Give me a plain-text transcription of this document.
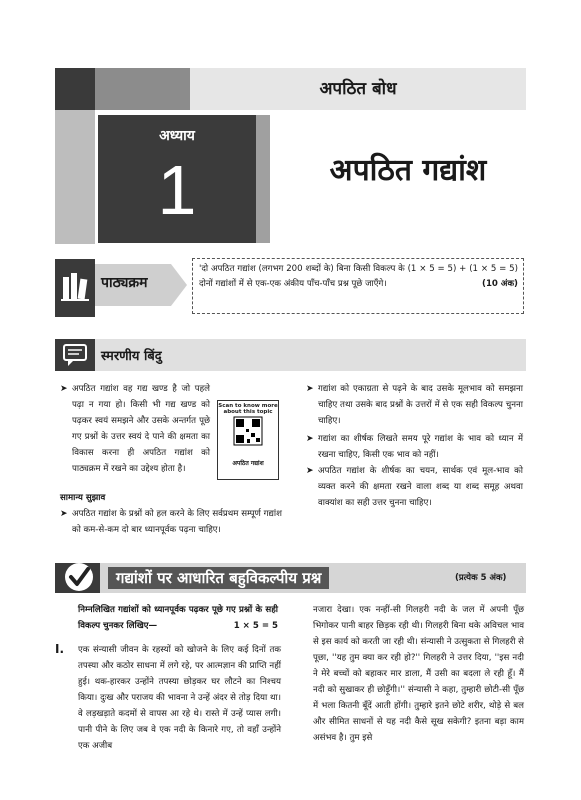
अपठित बोध
अध्याय
1	अपठित गद्यांश
पाठ्यक्रम
'दो अपठित गद्यांश (लगभग 200 शब्दों के) बिना किसी विकल्प के (1 × 5 = 5) + (1 × 5 = 5) दोनों गद्यांशों में से एक-एक अंकीय पाँच-पाँच प्रश्न पूछे जाएँगे।	(10 अंक)
स्मरणीय बिंदु
➤ अपठित गद्यांश वह गद्य खण्ड है जो पहले पढ़ा न गया हो। किसी भी गद्य खण्ड को पढ़कर स्वयं समझने और उसके अन्तर्गत पूछे गए प्रश्नों के उत्तर स्वयं दे पाने की क्षमता का विकास करना ही अपठित गद्यांश को पाठ्यक्रम में रखने का उद्देश्य होता है।
Scan to know more about this topic
अपठित गद्यांश
सामान्य सुझाव
➤ अपठित गद्यांश के प्रश्नों को हल करने के लिए सर्वप्रथम सम्पूर्ण गद्यांश को कम-से-कम दो बार ध्यानपूर्वक पढ़ना चाहिए।
➤ गद्यांश को एकाग्रता से पढ़ने के बाद उसके मूलभाव को समझना चाहिए तथा उसके बाद प्रश्नों के उत्तरों में से एक सही विकल्प चुनना चाहिए।
➤ गद्यांश का शीर्षक लिखते समय पूरे गद्यांश के भाव को ध्यान में रखना चाहिए, किसी एक भाव को नहीं।
➤ अपठित गद्यांश के शीर्षक का चयन, सार्थक एवं मूल-भाव को व्यक्त करने की क्षमता रखने वाला शब्द या शब्द समूह अथवा वाक्यांश का सही उत्तर चुनना चाहिए।
गद्यांशों पर आधारित बहुविकल्पीय प्रश्न	(प्रत्येक 5 अंक)
निम्नलिखित गद्यांशों को ध्यानपूर्वक पढ़कर पूछे गए प्रश्नों के सही विकल्प चुनकर लिखिए—	1 × 5 = 5
I. एक संन्यासी जीवन के रहस्यों को खोजने के लिए कई दिनों तक तपस्या और कठोर साधना में लगे रहे, पर आत्मज्ञान की प्राप्ति नहीं हुई। थक-हारकर उन्होंने तपस्या छोड़कर घर लौटने का निश्चय किया। दुःख और पराजय की भावना ने उन्हें अंदर से तोड़ दिया था। वे लड़खड़ाते कदमों से वापस आ रहे थे। रास्ते में उन्हें प्यास लगी। पानी पीने के लिए जब वे एक नदी के किनारे गए, तो वहाँ उन्होंने एक अजीब
नजारा देखा। एक नन्हीं-सी गिलहरी नदी के जल में अपनी पूँछ भिगोकर पानी बाहर छिड़क रही थी। गिलहरी बिना थके अविचल भाव से इस कार्य को करती जा रही थी। संन्यासी ने उत्सुकता से गिलहरी से पूछा, ''यह तुम क्या कर रही हो?'' गिलहरी ने उत्तर दिया, ''इस नदी ने मेरे बच्चों को बहाकर मार डाला, मैं उसी का बदला ले रही हूँ। मैं नदी को सुखाकर ही छोड़ूँगी।'' संन्यासी ने कहा, तुम्हारी छोटी-सी पूँछ में भला कितनी बूँदें आती होंगी। तुम्हारे इतने छोटे शरीर, थोड़े से बल और सीमित साधनों से यह नदी कैसे सूख सकेगी? इतना बड़ा काम असंभव है। तुम इसे
